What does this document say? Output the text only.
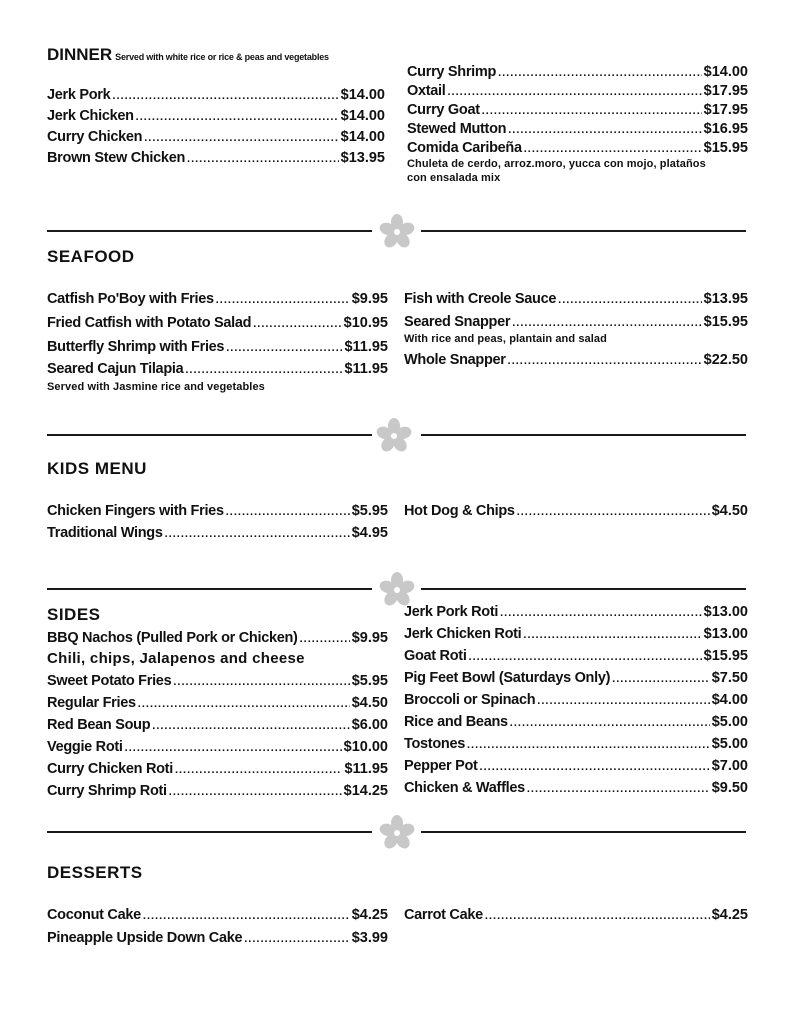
DINNER Served with white rice or rice & peas and vegetables
Jerk Pork .....	$14.00
Jerk Chicken .....	$14.00
Curry Chicken .....	$14.00
Brown Stew Chicken .....	$13.95
Curry Shrimp .....	$14.00
Oxtail .....	$17.95
Curry Goat .....	$17.95
Stewed Mutton .....	$16.95
Comida Caribeña .....	$15.95
Chuleta de cerdo, arroz.moro, yucca con mojo, plataños
con ensalada mix
SEAFOOD
Catfish Po'Boy with Fries .....	$9.95
Fried Catfish with Potato Salad .....	$10.95
Butterfly Shrimp with Fries .....	$11.95
Seared Cajun Tilapia .....	$11.95
Served with Jasmine rice and vegetables
Fish with Creole Sauce .....	$13.95
Seared Snapper .....	$15.95
With rice and peas, plantain and salad
Whole Snapper .....	$22.50
KIDS MENU
Chicken Fingers with Fries .....	$5.95
Traditional Wings .....	$4.95
Hot Dog & Chips .....	$4.50
SIDES
BBQ Nachos (Pulled Pork or Chicken) .....	$9.95
Chili, chips, Jalapenos and cheese
Sweet Potato Fries .....	$5.95
Regular Fries .....	$4.50
Red Bean Soup .....	$6.00
Veggie Roti .....	$10.00
Curry Chicken Roti .....	$11.95
Curry Shrimp Roti .....	$14.25
Jerk Pork Roti .....	$13.00
Jerk Chicken Roti .....	$13.00
Goat Roti .....	$15.95
Pig Feet Bowl (Saturdays Only) .....	$7.50
Broccoli or Spinach .....	$4.00
Rice and Beans .....	$5.00
Tostones .....	$5.00
Pepper Pot .....	$7.00
Chicken & Waffles .....	$9.50
DESSERTS
Coconut Cake .....	$4.25
Pineapple Upside Down Cake .....	$3.99
Carrot Cake .....	$4.25
